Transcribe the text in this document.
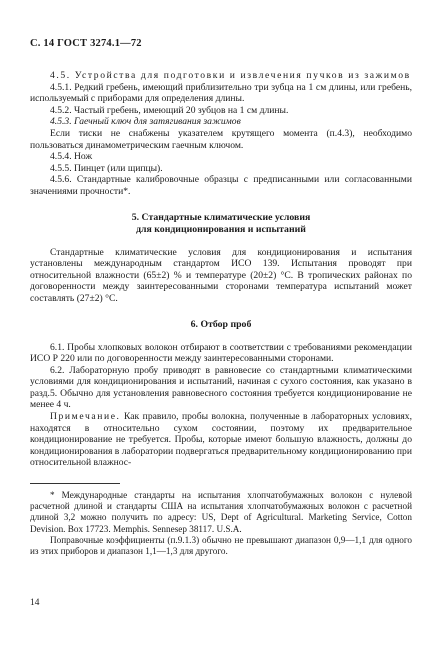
С. 14 ГОСТ 3274.1—72

4.5. Устройства для подготовки и извлечения пучков из зажимов

4.5.1. Редкий гребень, имеющий приблизительно три зубца на 1 см длины, или гребень, используемый с приборами для определения длины.

4.5.2. Частый гребень, имеющий 20 зубцов на 1 см длины.

4.5.3. Гаечный ключ для затягивания зажимов

Если тиски не снабжены указателем крутящего момента (п.4.3), необходимо пользоваться динамометрическим гаечным ключом.

4.5.4. Нож

4.5.5. Пинцет (или щипцы).

4.5.6. Стандартные калибровочные образцы с предписанными или согласованными значениями прочности*.

5. Стандартные климатические условия

для кондиционирования и испытаний

Стандартные климатические условия для кондиционирования и испытания установлены международным стандартом ИСО 139. Испытания проводят при относительной влажности (65±2) % и температуре (20±2) °С. В тропических районах по договоренности между заинтересованными сторонами температура испытаний может составлять (27±2) °С.

6. Отбор проб

6.1. Пробы хлопковых волокон отбирают в соответствии с требованиями рекомендации ИСО Р 220 или по договоренности между заинтересованными сторонами.

6.2. Лабораторную пробу приводят в равновесие со стандартными климатическими условиями для кондиционирования и испытаний, начиная с сухого состояния, как указано в разд.5. Обычно для установления равновесного состояния требуется кондиционирование не менее 4 ч.

Примечание. Как правило, пробы волокна, полученные в лабораторных условиях, находятся в относительно сухом состоянии, поэтому их предварительное кондиционирование не требуется. Пробы, которые имеют большую влажность, должны до кондиционирования в лаборатории подвергаться предварительному кондиционированию при относительной влажнос-

* Международные стандарты на испытания хлопчатобумажных волокон с нулевой расчетной длиной и стандарты США на испытания хлопчатобумажных волокон с расчетной длиной 3,2 можно получить по адресу: US, Dept of Agricultural. Marketing Service, Cotton Devision. Box 17723. Memphis. Sennesep 38117. U.S.A.

Поправочные коэффициенты (п.9.1.3) обычно не превышают диапазон 0,9—1,1 для одного из этих приборов и диапазон 1,1—1,3 для другого.

14
